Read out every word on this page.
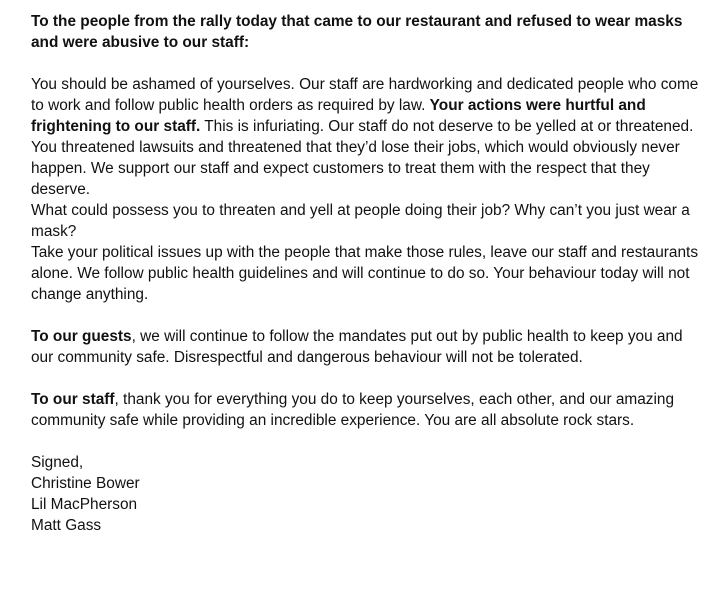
To the people from the rally today that came to our restaurant and refused to wear masks and were abusive to our staff:

You should be ashamed of yourselves. Our staff are hardworking and dedicated people who come to work and follow public health orders as required by law. Your actions were hurtful and frightening to our staff. This is infuriating. Our staff do not deserve to be yelled at or threatened. You threatened lawsuits and threatened that they’d lose their jobs, which would obviously never happen. We support our staff and expect customers to treat them with the respect that they deserve.

What could possess you to threaten and yell at people doing their job? Why can’t you just wear a mask?

Take your political issues up with the people that make those rules, leave our staff and restaurants alone. We follow public health guidelines and will continue to do so. Your behaviour today will not change anything.

To our guests, we will continue to follow the mandates put out by public health to keep you and our community safe. Disrespectful and dangerous behaviour will not be tolerated.

To our staff, thank you for everything you do to keep yourselves, each other, and our amazing community safe while providing an incredible experience. You are all absolute rock stars.

Signed,

Christine Bower

Lil MacPherson

Matt Gass
